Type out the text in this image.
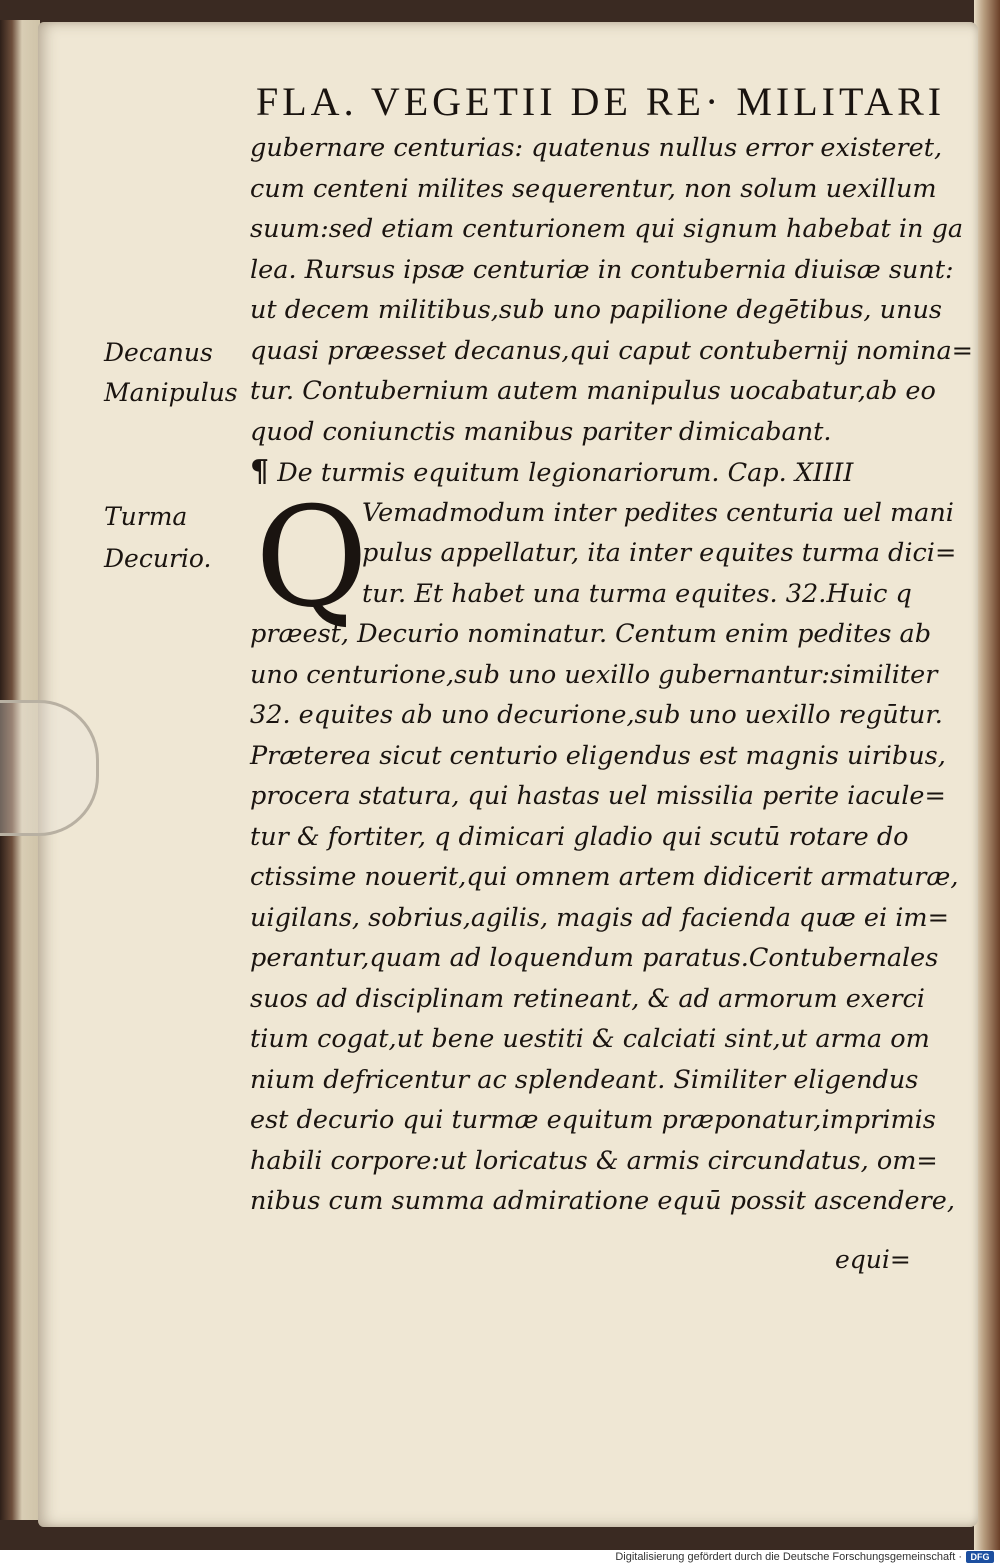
FLA. VEGETII DE RE· MILITARI
Decanus
Manipulus
Turma
Decurio. Q
gubernare centurias: quatenus nullus error existeret,
cum centeni milites sequerentur, non solum uexillum
suum:sed etiam centurionem qui signum habebat in ga
lea. Rursus ipsæ centuriæ in contubernia diuisæ sunt:
ut decem militibus,sub uno papilione degētibus, unus
quasi præesset decanus,qui caput contubernij nomina=
tur. Contubernium autem manipulus uocabatur,ab eo
quod coniunctis manibus pariter dimicabant.
¶ De turmis equitum legionariorum. Cap. XIIII
Vemadmodum inter pedites centuria uel mani
pulus appellatur, ita inter equites turma dici=
tur. Et habet una turma equites. 32.Huic q
præest, Decurio nominatur. Centum enim pedites ab
uno centurione,sub uno uexillo gubernantur:similiter
32. equites ab uno decurione,sub uno uexillo regūtur.
Præterea sicut centurio eligendus est magnis uiribus,
procera statura, qui hastas uel missilia perite iacule=
tur & fortiter, q dimicari gladio qui scutū rotare do
ctissime nouerit,qui omnem artem didicerit armaturæ,
uigilans, sobrius,agilis, magis ad facienda quæ ei im=
perantur,quam ad loquendum paratus.Contubernales
suos ad disciplinam retineant, & ad armorum exerci
tium cogat,ut bene uestiti & calciati sint,ut arma om
nium defricentur ac splendeant. Similiter eligendus
est decurio qui turmæ equitum præponatur,imprimis
habili corpore:ut loricatus & armis circundatus, om=
nibus cum summa admiratione equū possit ascendere,
equi=
Digitalisierung gefördert durch die Deutsche Forschungsgemeinschaft · DFG
